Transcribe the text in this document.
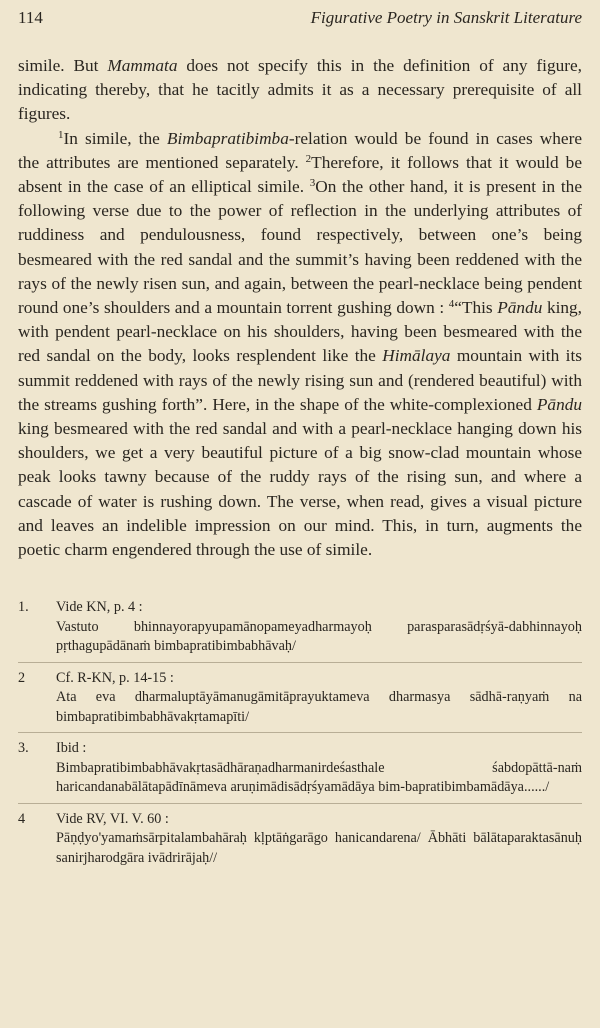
114	Figurative Poetry in Sanskrit Literature

simile. But Mammata does not specify this in the definition of any figure, indicating thereby, that he tacitly admits it as a necessary prerequisite of all figures.

$^1$In simile, the Bimbapratibimba-relation would be found in cases where the attributes are mentioned separately. $^2$Therefore, it follows that it would be absent in the case of an elliptical simile. $^3$On the other hand, it is present in the following verse due to the power of reflection in the underlying attributes of ruddiness and pendulousness, found respectively, between one’s being besmeared with the red sandal and the summit’s having been reddened with the rays of the newly risen sun, and again, between the pearl-necklace being pendent round one’s shoulders and a mountain torrent gushing down : $^4$“This Pāndu king, with pendent pearl-necklace on his shoulders, having been besmeared with the red sandal on the body, looks resplendent like the Himālaya mountain with its summit reddened with rays of the newly rising sun and (rendered beautiful) with the streams gushing forth”. Here, in the shape of the white-complexioned Pāndu king besmeared with the red sandal and with a pearl-necklace hanging down his shoulders, we get a very beautiful picture of a big snow-clad mountain whose peak looks tawny because of the ruddy rays of the rising sun, and where a cascade of water is rushing down. The verse, when read, gives a visual picture and leaves an indelible impression on our mind. This, in turn, augments the poetic charm engendered through the use of simile.

1.	Vide KN, p. 4 :
Vastuto bhinnayorapyupamānopameyadharmayoḥ parasparasādṛśyā-dabhinnayoḥ pṛthagupādānaṁ bimbapratibimbabhāvaḥ/
2	Cf. R-KN, p. 14-15 :
Ata eva dharmaluptāyāmanugāmitāprayuktameva dharmasya sādhā-raṇyaṁ na bimbapratibimbabhāvakṛtamapīti/
3.	Ibid :
Bimbapratibimbabhāvakṛtasādhāraṇadharmanirdeśasthale śabdopāttā-naṁ haricandanabālātapādīnāmeva aruṇimādisādṛśyamādāya bim-bapratibimbamādāya....../
4	Vide RV, VI. V. 60 :
Pāṇḍyo'yamaṁsārpitalambahāraḥ kḷptāṅgarāgo hanicandarena/ Ābhāti bālātaparaktasānuḥ sanirjharodgāra ivādrirājaḥ//
